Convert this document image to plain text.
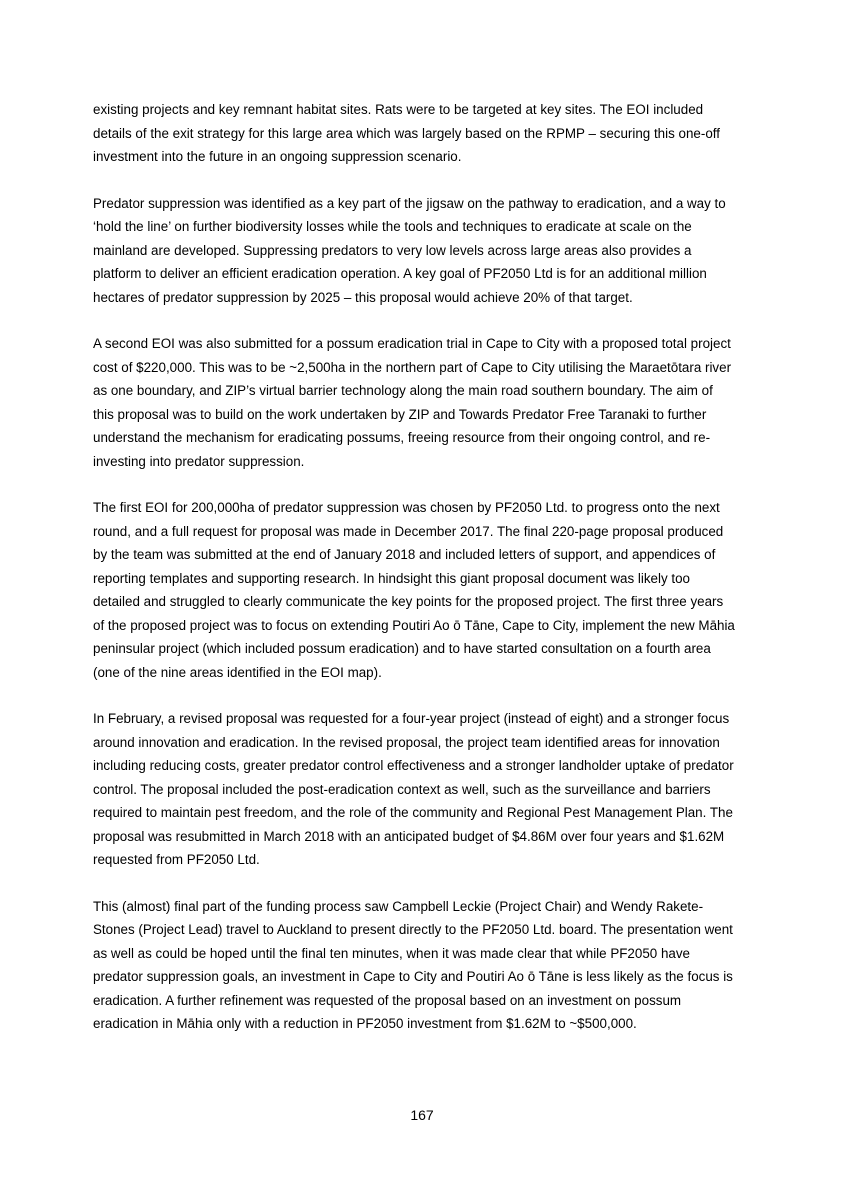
existing projects and key remnant habitat sites. Rats were to be targeted at key sites. The EOI included
details of the exit strategy for this large area which was largely based on the RPMP – securing this one-off
investment into the future in an ongoing suppression scenario.

Predator suppression was identified as a key part of the jigsaw on the pathway to eradication, and a way to
‘hold the line’ on further biodiversity losses while the tools and techniques to eradicate at scale on the
mainland are developed. Suppressing predators to very low levels across large areas also provides a
platform to deliver an efficient eradication operation. A key goal of PF2050 Ltd is for an additional million
hectares of predator suppression by 2025 – this proposal would achieve 20% of that target.

A second EOI was also submitted for a possum eradication trial in Cape to City with a proposed total project
cost of $220,000. This was to be ~2,500ha in the northern part of Cape to City utilising the Maraetōtara river
as one boundary, and ZIP’s virtual barrier technology along the main road southern boundary. The aim of
this proposal was to build on the work undertaken by ZIP and Towards Predator Free Taranaki to further
understand the mechanism for eradicating possums, freeing resource from their ongoing control, and re-
investing into predator suppression.

The first EOI for 200,000ha of predator suppression was chosen by PF2050 Ltd. to progress onto the next
round, and a full request for proposal was made in December 2017. The final 220-page proposal produced
by the team was submitted at the end of January 2018 and included letters of support, and appendices of
reporting templates and supporting research. In hindsight this giant proposal document was likely too
detailed and struggled to clearly communicate the key points for the proposed project. The first three years
of the proposed project was to focus on extending Poutiri Ao ō Tāne, Cape to City, implement the new Māhia
peninsular project (which included possum eradication) and to have started consultation on a fourth area
(one of the nine areas identified in the EOI map).

In February, a revised proposal was requested for a four-year project (instead of eight) and a stronger focus
around innovation and eradication. In the revised proposal, the project team identified areas for innovation
including reducing costs, greater predator control effectiveness and a stronger landholder uptake of predator
control. The proposal included the post-eradication context as well, such as the surveillance and barriers
required to maintain pest freedom, and the role of the community and Regional Pest Management Plan. The
proposal was resubmitted in March 2018 with an anticipated budget of $4.86M over four years and $1.62M
requested from PF2050 Ltd.

This (almost) final part of the funding process saw Campbell Leckie (Project Chair) and Wendy Rakete-
Stones (Project Lead) travel to Auckland to present directly to the PF2050 Ltd. board. The presentation went
as well as could be hoped until the final ten minutes, when it was made clear that while PF2050 have
predator suppression goals, an investment in Cape to City and Poutiri Ao ō Tāne is less likely as the focus is
eradication. A further refinement was requested of the proposal based on an investment on possum
eradication in Māhia only with a reduction in PF2050 investment from $1.62M to ~$500,000.

167
